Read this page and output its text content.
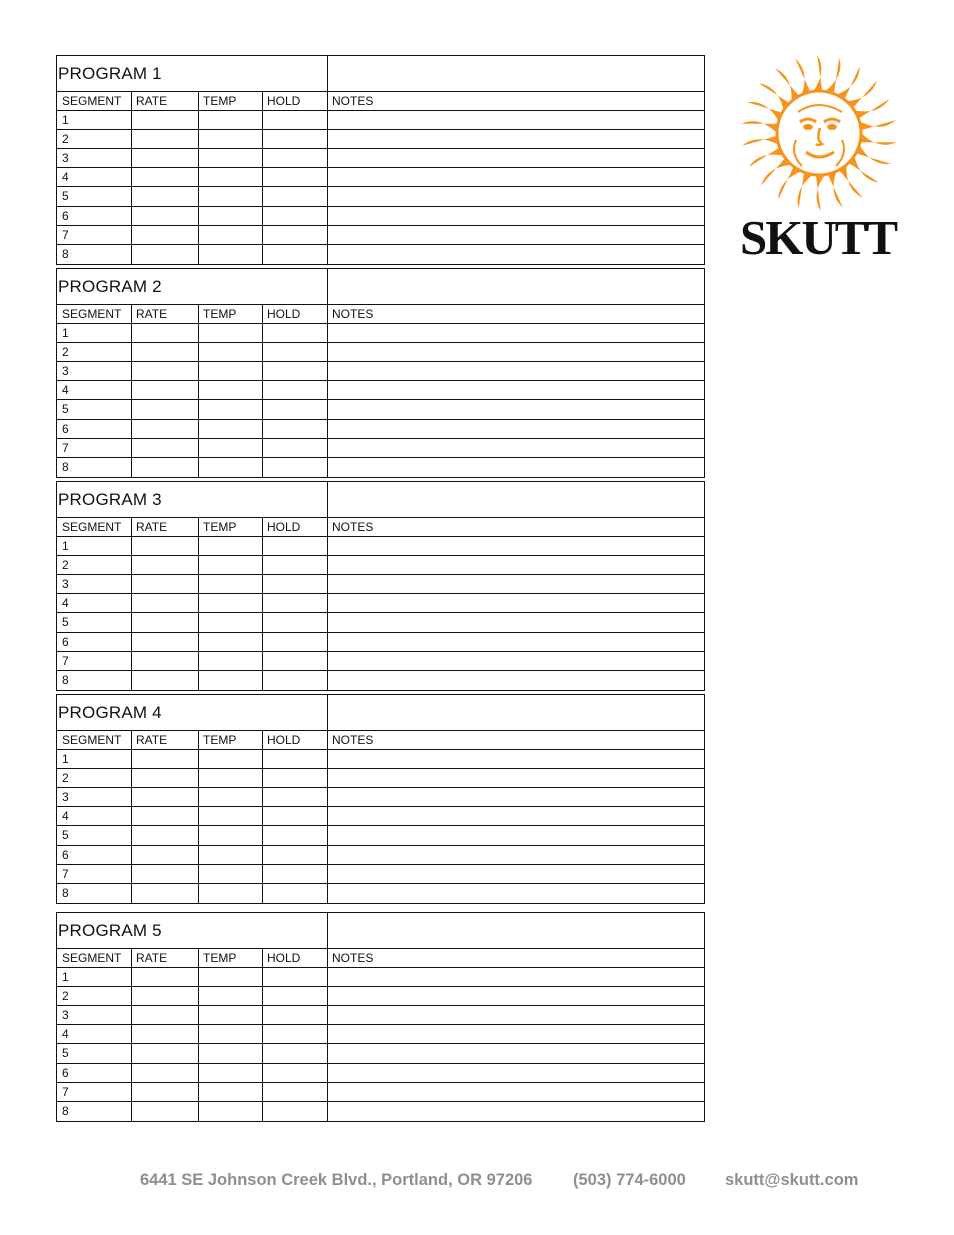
PROGRAM 1
SEGMENT	RATE	TEMP	HOLD	NOTES
1
2
3
4
5
6
7
8
PROGRAM 2
SEGMENT	RATE	TEMP	HOLD	NOTES
1
2
3
4
5
6
7
8
PROGRAM 3
SEGMENT	RATE	TEMP	HOLD	NOTES
1
2
3
4
5
6
7
8
PROGRAM 4
SEGMENT	RATE	TEMP	HOLD	NOTES
1
2
3
4
5
6
7
8
PROGRAM 5
SEGMENT	RATE	TEMP	HOLD	NOTES
1
2
3
4
5
6
7
8
SKUTT
6441 SE Johnson Creek Blvd., Portland, OR 97206 (503) 774-6000 skutt@skutt.com
